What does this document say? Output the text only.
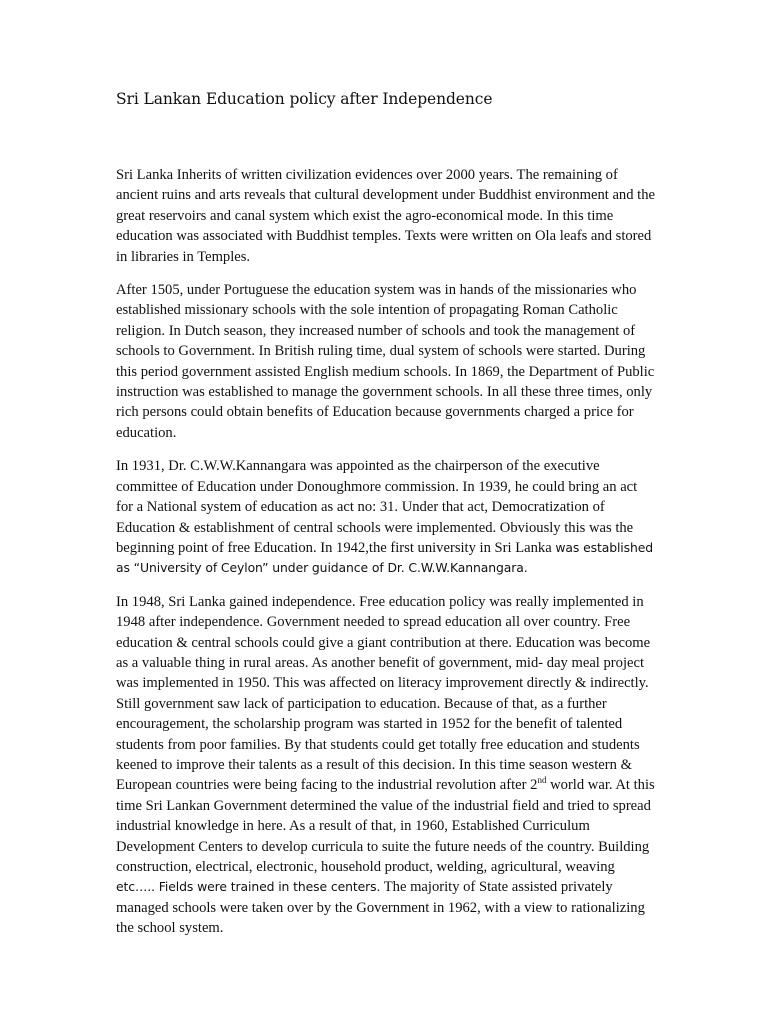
Sri Lankan Education policy after Independence

Sri Lanka Inherits of written civilization evidences over 2000 years. The remaining of ancient ruins and arts reveals that cultural development under Buddhist environment and the great reservoirs and canal system which exist the agro-economical mode. In this time education was associated with Buddhist temples. Texts were written on Ola leafs and stored in libraries in Temples.

After 1505, under Portuguese the education system was in hands of the missionaries who established missionary schools with the sole intention of propagating Roman Catholic religion. In Dutch season, they increased number of schools and took the management of schools to Government. In British ruling time, dual system of schools were started. During this period government assisted English medium schools. In 1869, the Department of Public instruction was established to manage the government schools. In all these three times, only rich persons could obtain benefits of Education because governments charged a price for education.

In 1931, Dr. C.W.W.Kannangara was appointed as the chairperson of the executive committee of Education under Donoughmore commission. In 1939, he could bring an act for a National system of education as act no: 31. Under that act, Democratization of Education & establishment of central schools were implemented. Obviously this was the beginning point of free Education. In 1942,the first university in Sri Lanka was established as “University of Ceylon” under guidance of Dr. C.W.W.Kannangara.

In 1948, Sri Lanka gained independence. Free education policy was really implemented in 1948 after independence. Government needed to spread education all over country. Free education & central schools could give a giant contribution at there. Education was become as a valuable thing in rural areas. As another benefit of government, mid- day meal project was implemented in 1950. This was affected on literacy improvement directly & indirectly. Still government saw lack of participation to education. Because of that, as a further encouragement, the scholarship program was started in 1952 for the benefit of talented students from poor families. By that students could get totally free education and students keened to improve their talents as a result of this decision. In this time season western & European countries were being facing to the industrial revolution after 2nd world war. At this time Sri Lankan Government determined the value of the industrial field and tried to spread industrial knowledge in here. As a result of that, in 1960, Established Curriculum Development Centers to develop curricula to suite the future needs of the country. Building construction, electrical, electronic, household product, welding, agricultural, weaving etc….. Fields were trained in these centers. The majority of State assisted privately managed schools were taken over by the Government in 1962, with a view to rationalizing the school system.
